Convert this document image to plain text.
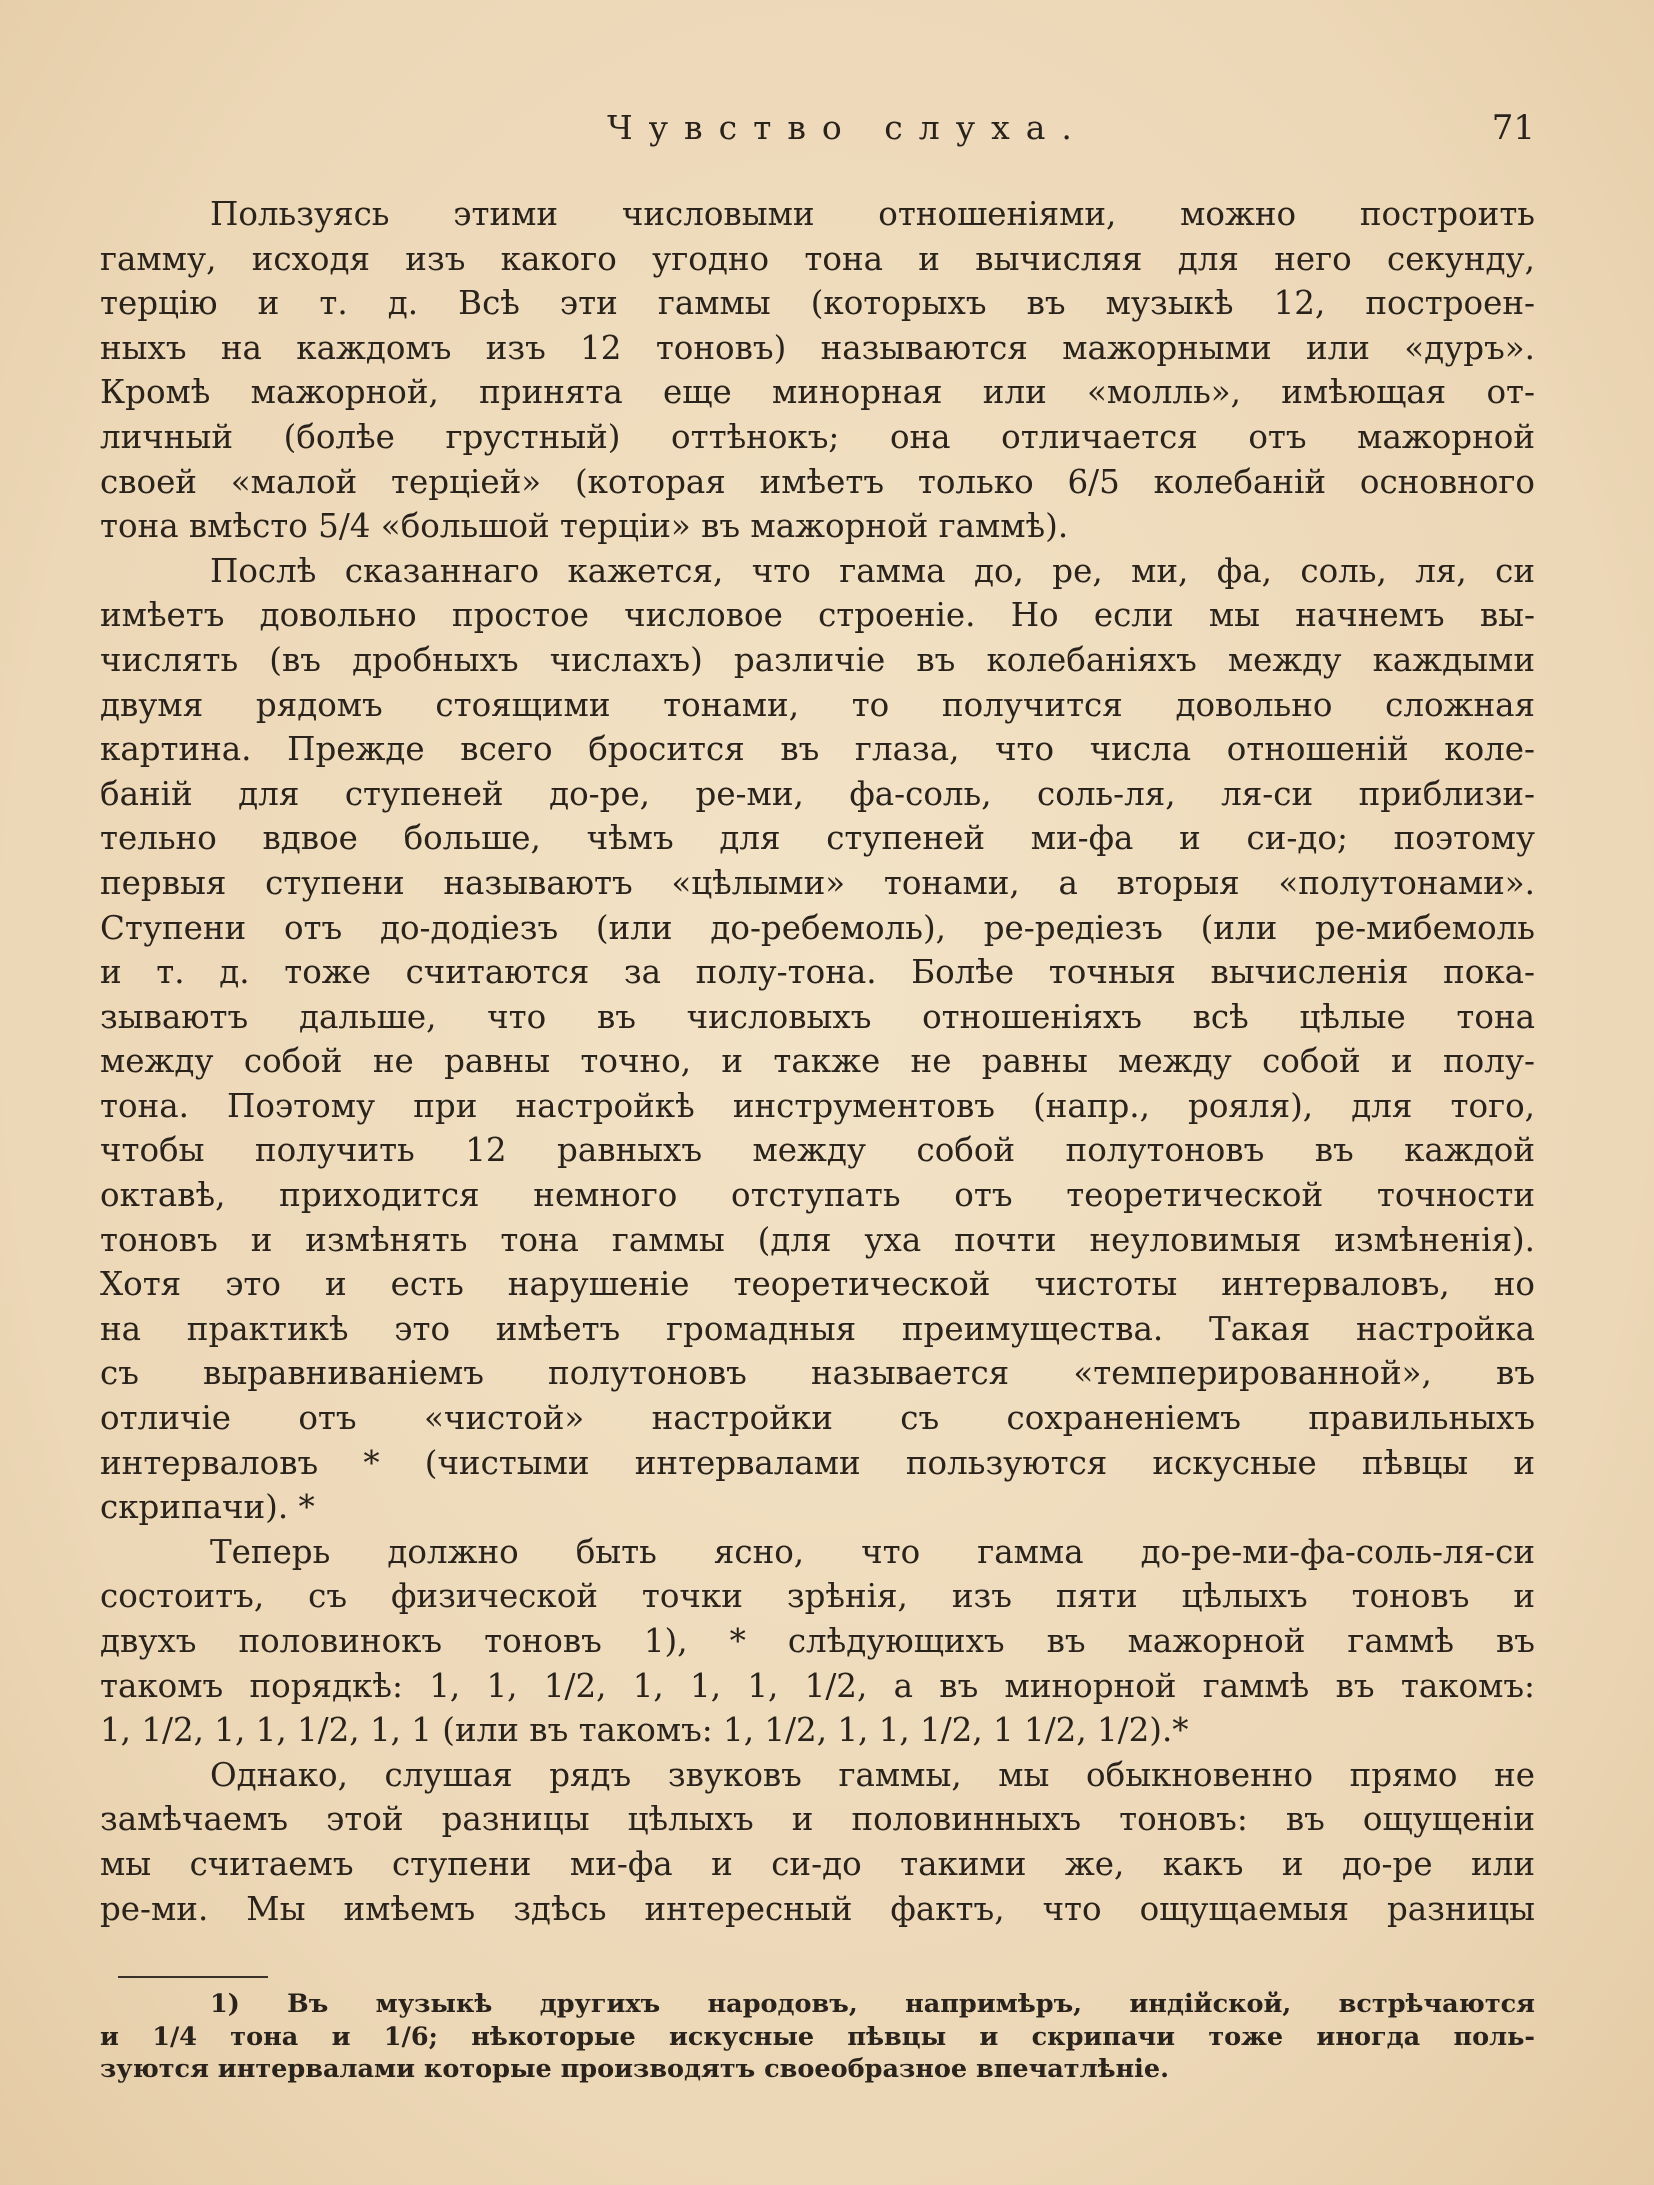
Чувство слуха.	71
Пользуясь этими числовыми отношеніями, можно построить
гамму, исходя изъ какого угодно тона и вычисляя для него секунду,
терцію и т. д. Всѣ эти гаммы (которыхъ въ музыкѣ 12, построен-
ныхъ на каждомъ изъ 12 тоновъ) называются мажорными или «дуръ».
Кромѣ мажорной, принята еще минорная или «молль», имѣющая от-
личный (болѣе грустный) оттѣнокъ; она отличается отъ мажорной
своей «малой терціей» (которая имѣетъ только 6/5 колебаній основного
тона вмѣсто 5/4 «большой терціи» въ мажорной гаммѣ).
Послѣ сказаннаго кажется, что гамма до, ре, ми, фа, соль, ля, си
имѣетъ довольно простое числовое строеніе. Но если мы начнемъ вы-
числять (въ дробныхъ числахъ) различіе въ колебаніяхъ между каждыми
двумя рядомъ стоящими тонами, то получится довольно сложная
картина. Прежде всего бросится въ глаза, что числа отношеній коле-
баній для ступеней до-ре, ре-ми, фа-соль, соль-ля, ля-си приблизи-
тельно вдвое больше, чѣмъ для ступеней ми-фа и си-до; поэтому
первыя ступени называютъ «цѣлыми» тонами, а вторыя «полутонами».
Ступени отъ до-додіезъ (или до-ребемоль), ре-редіезъ (или ре-мибемоль
и т. д. тоже считаются за полу-тона. Болѣе точныя вычисленія пока-
зываютъ дальше, что въ числовыхъ отношеніяхъ всѣ цѣлые тона
между собой не равны точно, и также не равны между собой и полу-
тона. Поэтому при настройкѣ инструментовъ (напр., рояля), для того,
чтобы получить 12 равныхъ между собой полутоновъ въ каждой
октавѣ, приходится немного отступать отъ теоретической точности
тоновъ и измѣнять тона гаммы (для уха почти неуловимыя измѣненія).
Хотя это и есть нарушеніе теоретической чистоты интерваловъ, но
на практикѣ это имѣетъ громадныя преимущества. Такая настройка
съ выравниваніемъ полутоновъ называется «темперированной», въ
отличіе отъ «чистой» настройки съ сохраненіемъ правильныхъ
интерваловъ * (чистыми интервалами пользуются искусные пѣвцы и
скрипачи). *
Теперь должно быть ясно, что гамма до-ре-ми-фа-соль-ля-си
состоитъ, съ физической точки зрѣнія, изъ пяти цѣлыхъ тоновъ и
двухъ половинокъ тоновъ 1), * слѣдующихъ въ мажорной гаммѣ въ
такомъ порядкѣ: 1, 1, 1/2, 1, 1, 1, 1/2, а въ минорной гаммѣ въ такомъ:
1, 1/2, 1, 1, 1/2, 1, 1 (или въ такомъ: 1, 1/2, 1, 1, 1/2, 1 1/2, 1/2).*
Однако, слушая рядъ звуковъ гаммы, мы обыкновенно прямо не
замѣчаемъ этой разницы цѣлыхъ и половинныхъ тоновъ: въ ощущеніи
мы считаемъ ступени ми-фа и си-до такими же, какъ и до-ре или
ре-ми. Мы имѣемъ здѣсь интересный фактъ, что ощущаемыя разницы
1) Въ музыкѣ другихъ народовъ, напримѣръ, индійской, встрѣчаются
и 1/4 тона и 1/6; нѣкоторые искусные пѣвцы и скрипачи тоже иногда поль-
зуются интервалами которые производятъ своеобразное впечатлѣніе.
